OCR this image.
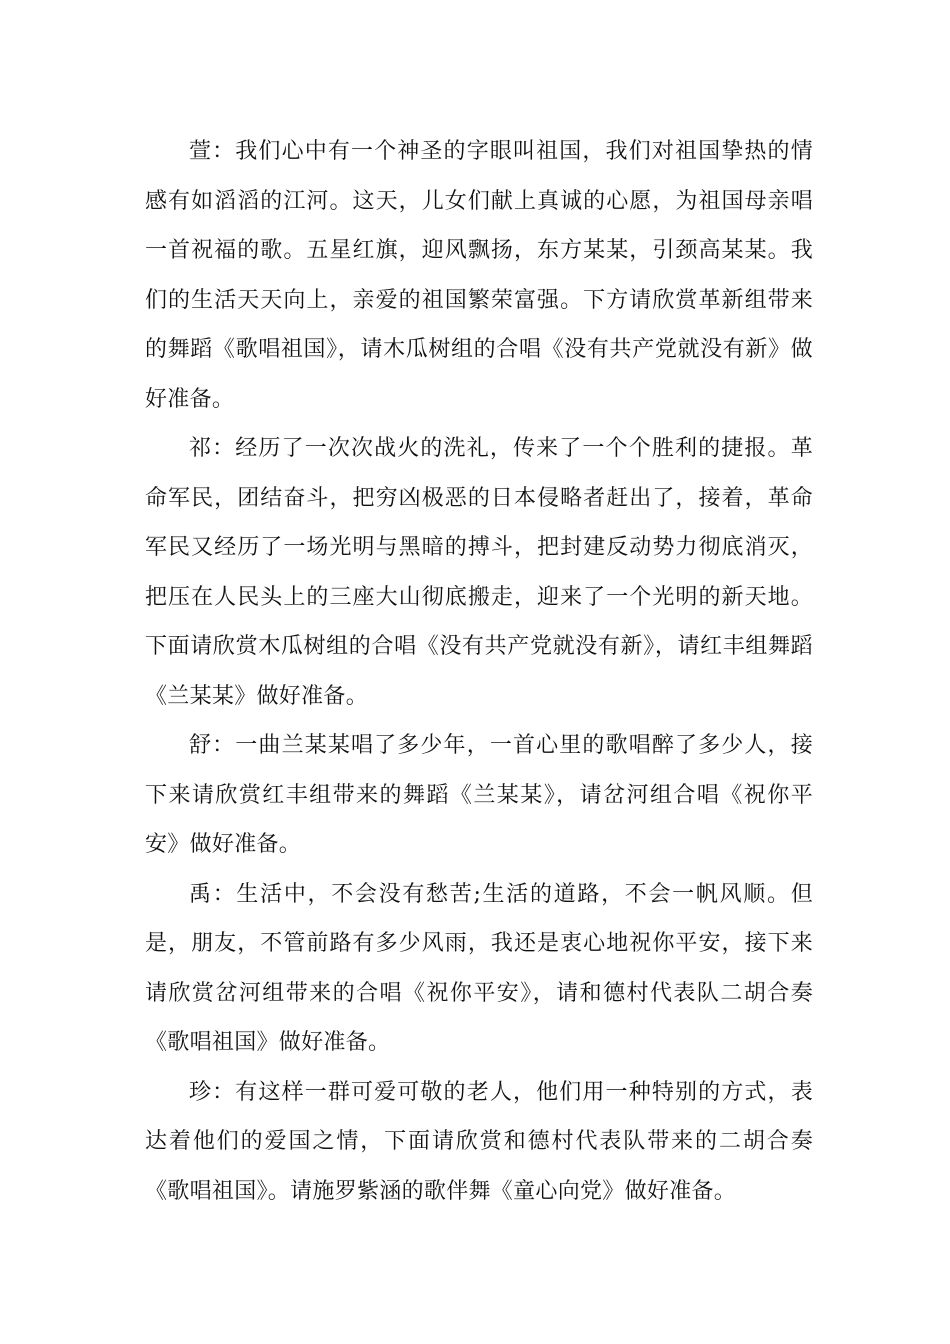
萱：我们心中有一个神圣的字眼叫祖国，我们对祖国挚热的情感有如滔滔的江河。这天，儿女们献上真诚的心愿，为祖国母亲唱一首祝福的歌。五星红旗，迎风飘扬，东方某某，引颈高某某。我们的生活天天向上，亲爱的祖国繁荣富强。下方请欣赏革新组带来的舞蹈《歌唱祖国》，请木瓜树组的合唱《没有共产党就没有新》做好准备。

祁：经历了一次次战火的洗礼，传来了一个个胜利的捷报。革命军民，团结奋斗，把穷凶极恶的日本侵略者赶出了，接着，革命军民又经历了一场光明与黑暗的搏斗，把封建反动势力彻底消灭，把压在人民头上的三座大山彻底搬走，迎来了一个光明的新天地。下面请欣赏木瓜树组的合唱《没有共产党就没有新》，请红丰组舞蹈《兰某某》做好准备。

舒：一曲兰某某唱了多少年，一首心里的歌唱醉了多少人，接下来请欣赏红丰组带来的舞蹈《兰某某》，请岔河组合唱《祝你平安》做好准备。

禹：生活中，不会没有愁苦;生活的道路，不会一帆风顺。但是，朋友，不管前路有多少风雨，我还是衷心地祝你平安，接下来请欣赏岔河组带来的合唱《祝你平安》，请和德村代表队二胡合奏《歌唱祖国》做好准备。

珍：有这样一群可爱可敬的老人，他们用一种特别的方式，表达着他们的爱国之情，下面请欣赏和德村代表队带来的二胡合奏《歌唱祖国》。请施罗紫涵的歌伴舞《童心向党》做好准备。
